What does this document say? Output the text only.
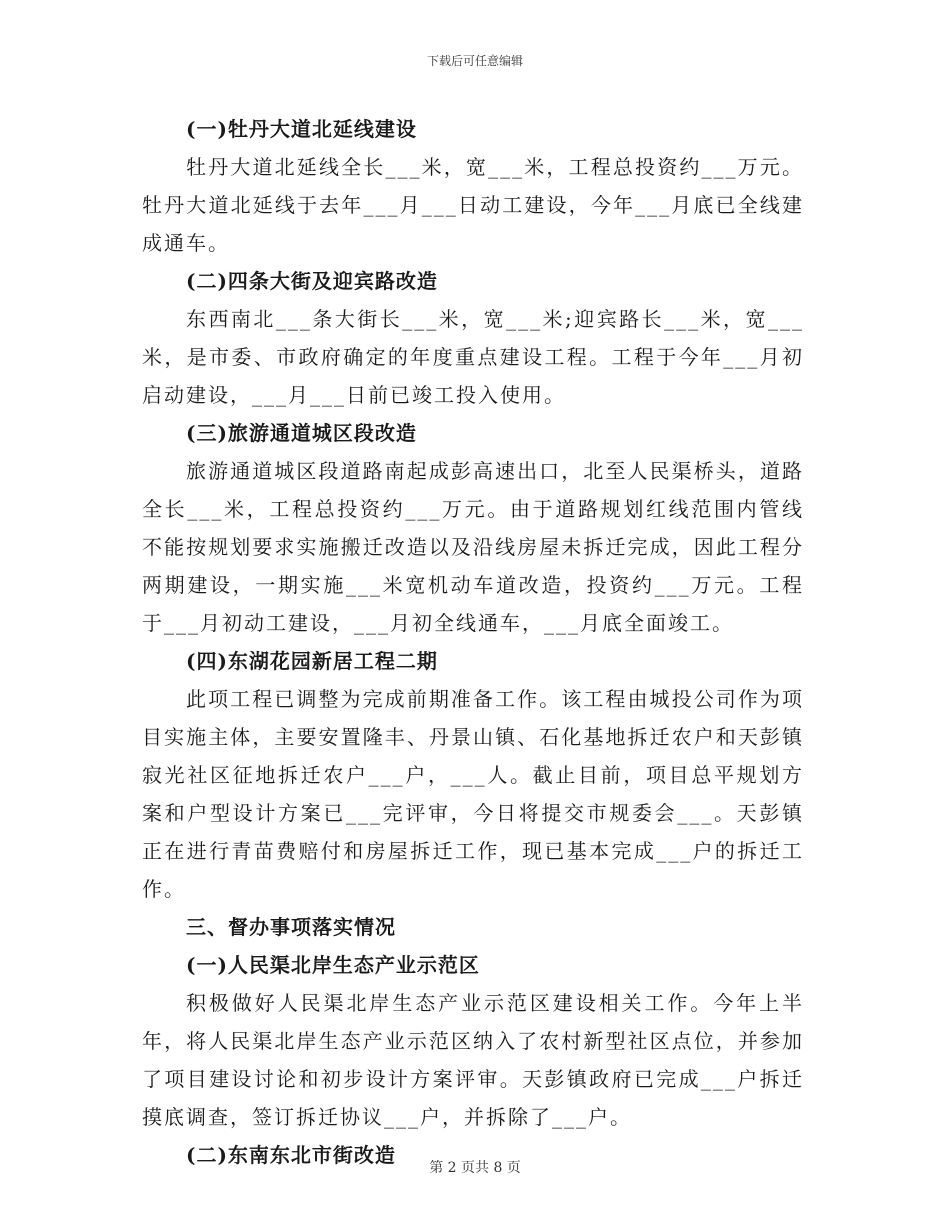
下载后可任意编辑

(一)牡丹大道北延线建设

牡丹大道北延线全长___米，宽___米，工程总投资约___万元。牡丹大道北延线于去年___月___日动工建设，今年___月底已全线建成通车。

(二)四条大街及迎宾路改造

东西南北___条大街长___米，宽___米;迎宾路长___米，宽___米，是市委、市政府确定的年度重点建设工程。工程于今年___月初启动建设，___月___日前已竣工投入使用。

(三)旅游通道城区段改造

旅游通道城区段道路南起成彭高速出口，北至人民渠桥头，道路全长___米，工程总投资约___万元。由于道路规划红线范围内管线不能按规划要求实施搬迁改造以及沿线房屋未拆迁完成，因此工程分两期建设，一期实施___米宽机动车道改造，投资约___万元。工程于___月初动工建设，___月初全线通车，___月底全面竣工。

(四)东湖花园新居工程二期

此项工程已调整为完成前期准备工作。该工程由城投公司作为项目实施主体，主要安置隆丰、丹景山镇、石化基地拆迁农户和天彭镇寂光社区征地拆迁农户___户，___人。截止目前，项目总平规划方案和户型设计方案已___完评审，今日将提交市规委会___。天彭镇正在进行青苗费赔付和房屋拆迁工作，现已基本完成___户的拆迁工作。

三、督办事项落实情况

(一)人民渠北岸生态产业示范区

积极做好人民渠北岸生态产业示范区建设相关工作。今年上半年，将人民渠北岸生态产业示范区纳入了农村新型社区点位，并参加了项目建设讨论和初步设计方案评审。天彭镇政府已完成___户拆迁摸底调查，签订拆迁协议___户，并拆除了___户。

(二)东南东北市街改造

第 2 页共 8 页
